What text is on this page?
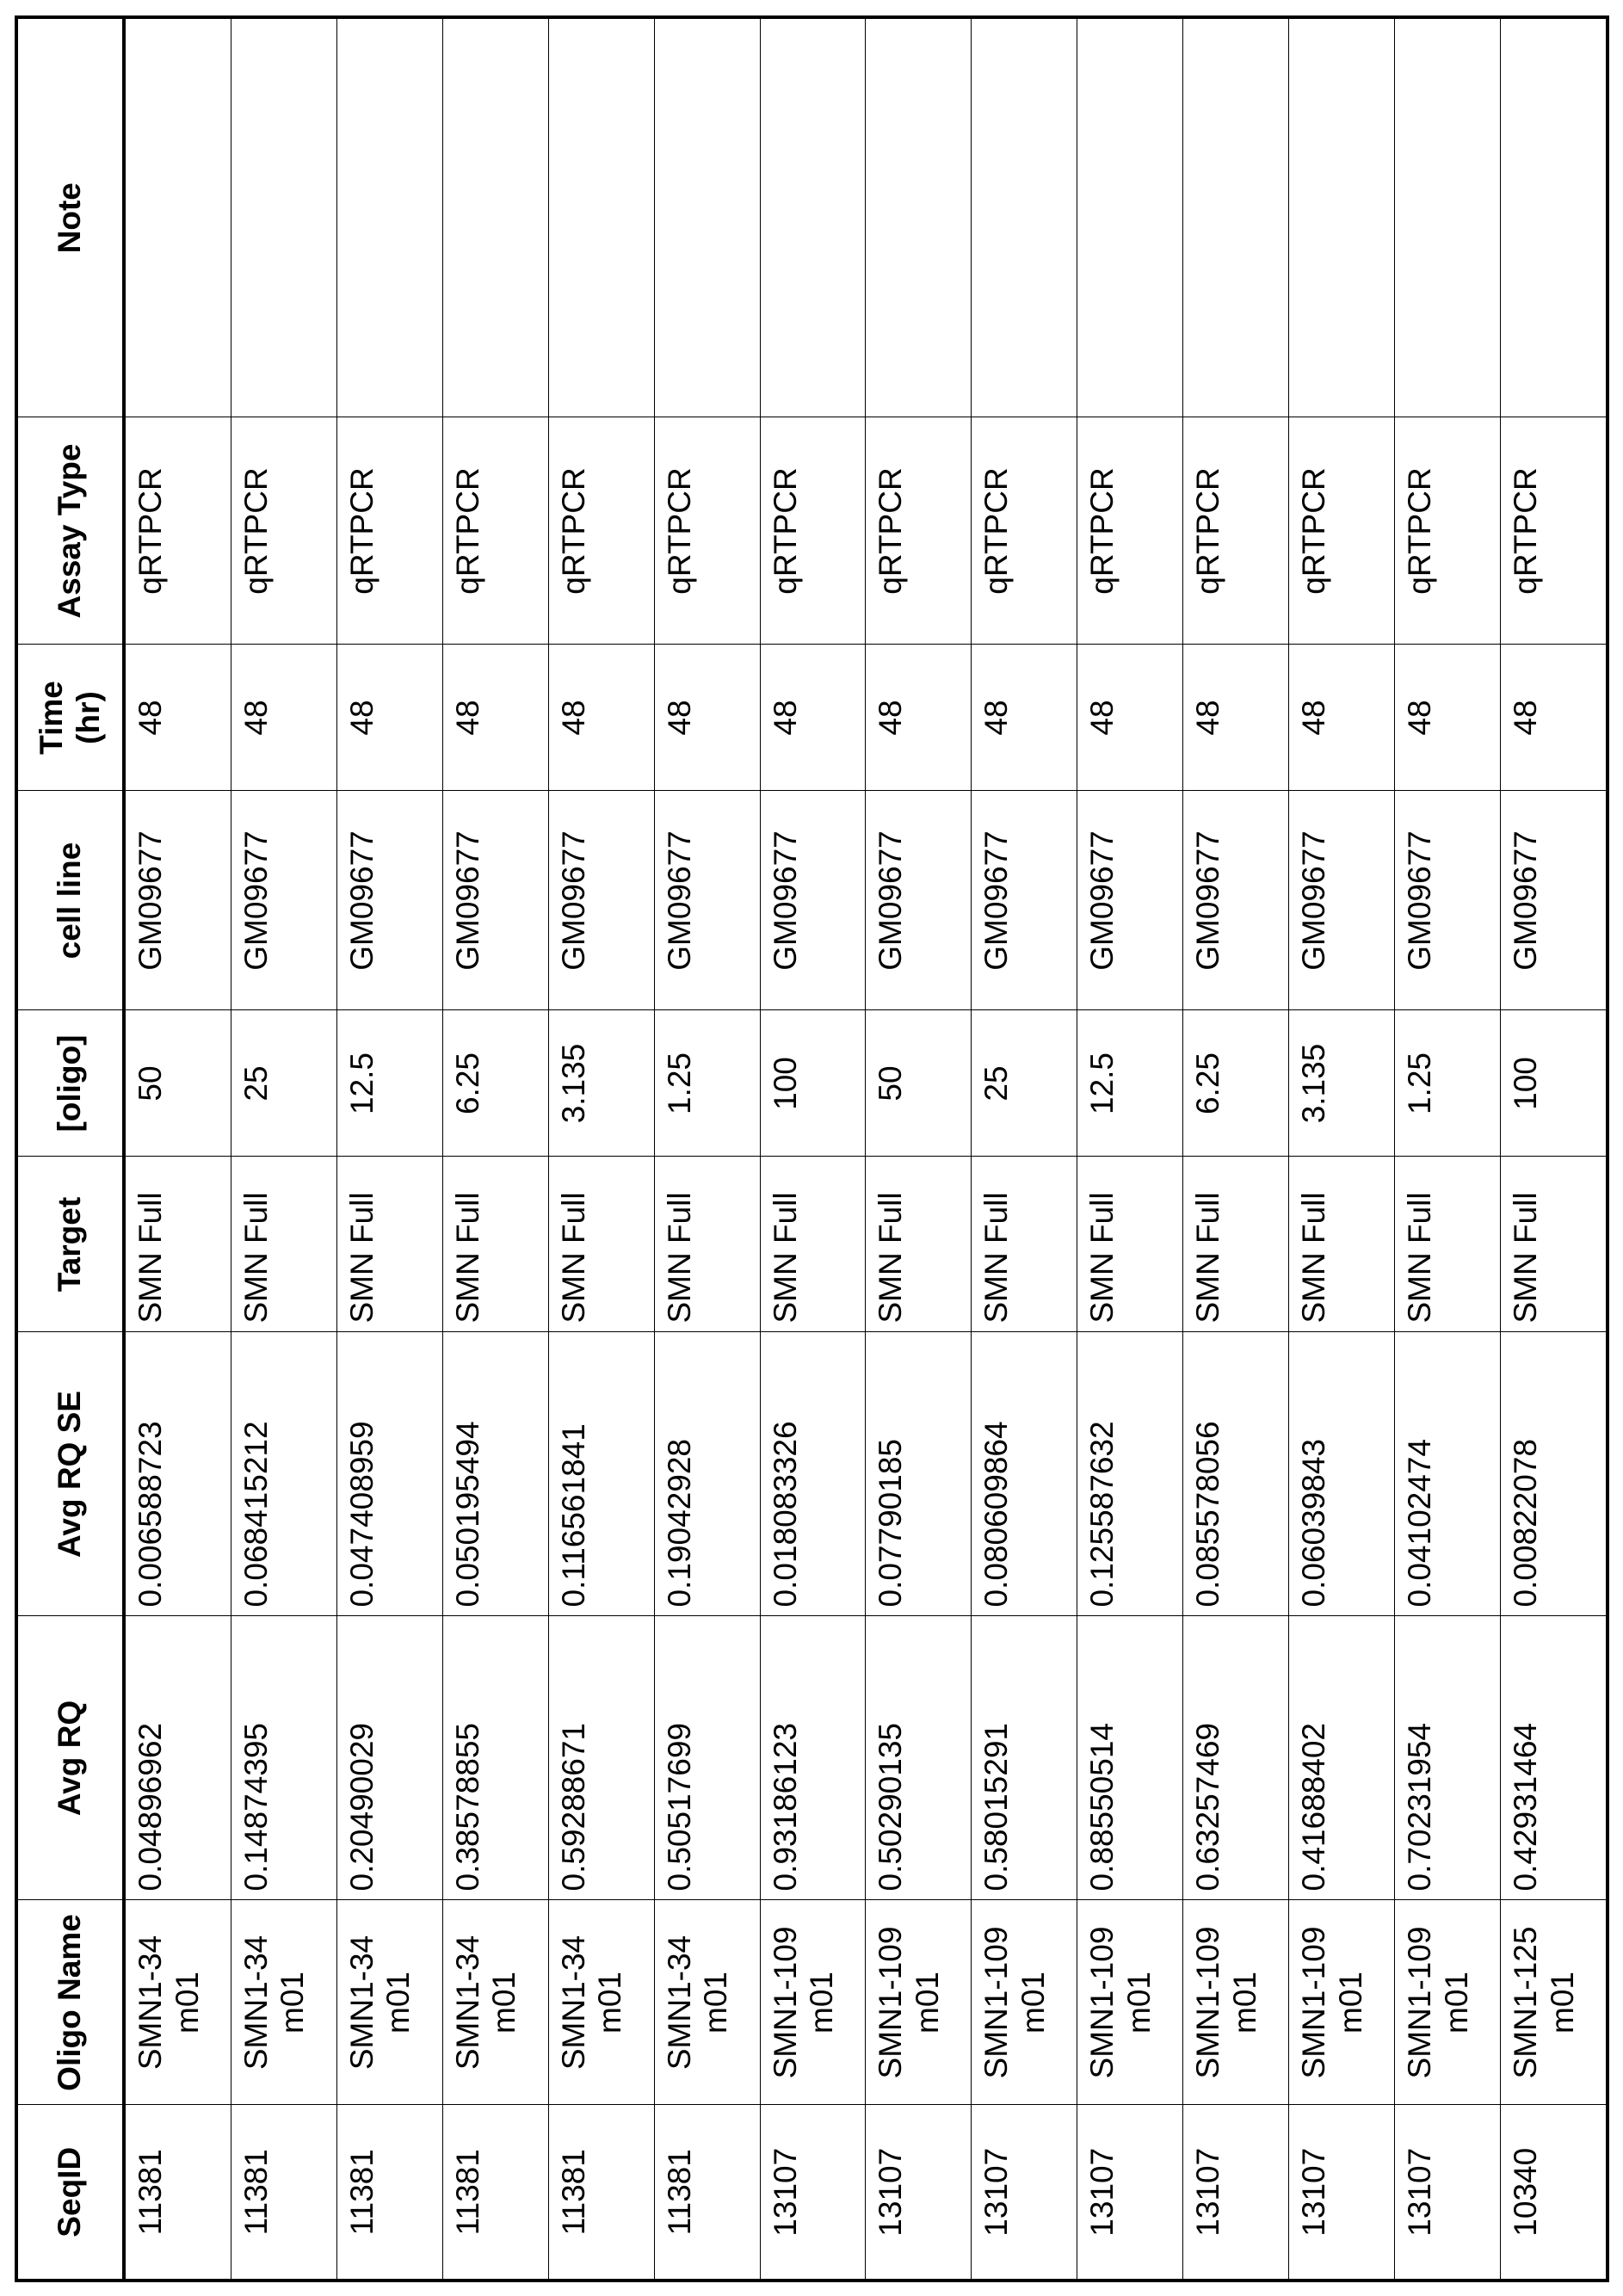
SeqID	Oligo Name	Avg RQ	Avg RQ SE	Target	[oligo]	cell line	Time (hr)	Assay Type	Note
11381	SMN1-34 m01	0.04896962	0.006588723	SMN Full	50	GM09677	48	qRTPCR	
11381	SMN1-34 m01	0.14874395	0.068415212	SMN Full	25	GM09677	48	qRTPCR	
11381	SMN1-34 m01	0.20490029	0.047408959	SMN Full	12.5	GM09677	48	qRTPCR	
11381	SMN1-34 m01	0.38578855	0.050195494	SMN Full	6.25	GM09677	48	qRTPCR	
11381	SMN1-34 m01	0.59288671	0.116561841	SMN Full	3.135	GM09677	48	qRTPCR	
11381	SMN1-34 m01	0.50517699	0.19042928	SMN Full	1.25	GM09677	48	qRTPCR	
13107	SMN1-109 m01	0.93186123	0.018083326	SMN Full	100	GM09677	48	qRTPCR	
13107	SMN1-109 m01	0.50290135	0.07790185	SMN Full	50	GM09677	48	qRTPCR	
13107	SMN1-109 m01	0.58015291	0.080609864	SMN Full	25	GM09677	48	qRTPCR	
13107	SMN1-109 m01	0.88550514	0.125587632	SMN Full	12.5	GM09677	48	qRTPCR	
13107	SMN1-109 m01	0.63257469	0.085578056	SMN Full	6.25	GM09677	48	qRTPCR	
13107	SMN1-109 m01	0.41688402	0.06039843	SMN Full	3.135	GM09677	48	qRTPCR	
13107	SMN1-109 m01	0.70231954	0.04102474	SMN Full	1.25	GM09677	48	qRTPCR	
10340	SMN1-125 m01	0.42931464	0.00822078	SMN Full	100	GM09677	48	qRTPCR	
